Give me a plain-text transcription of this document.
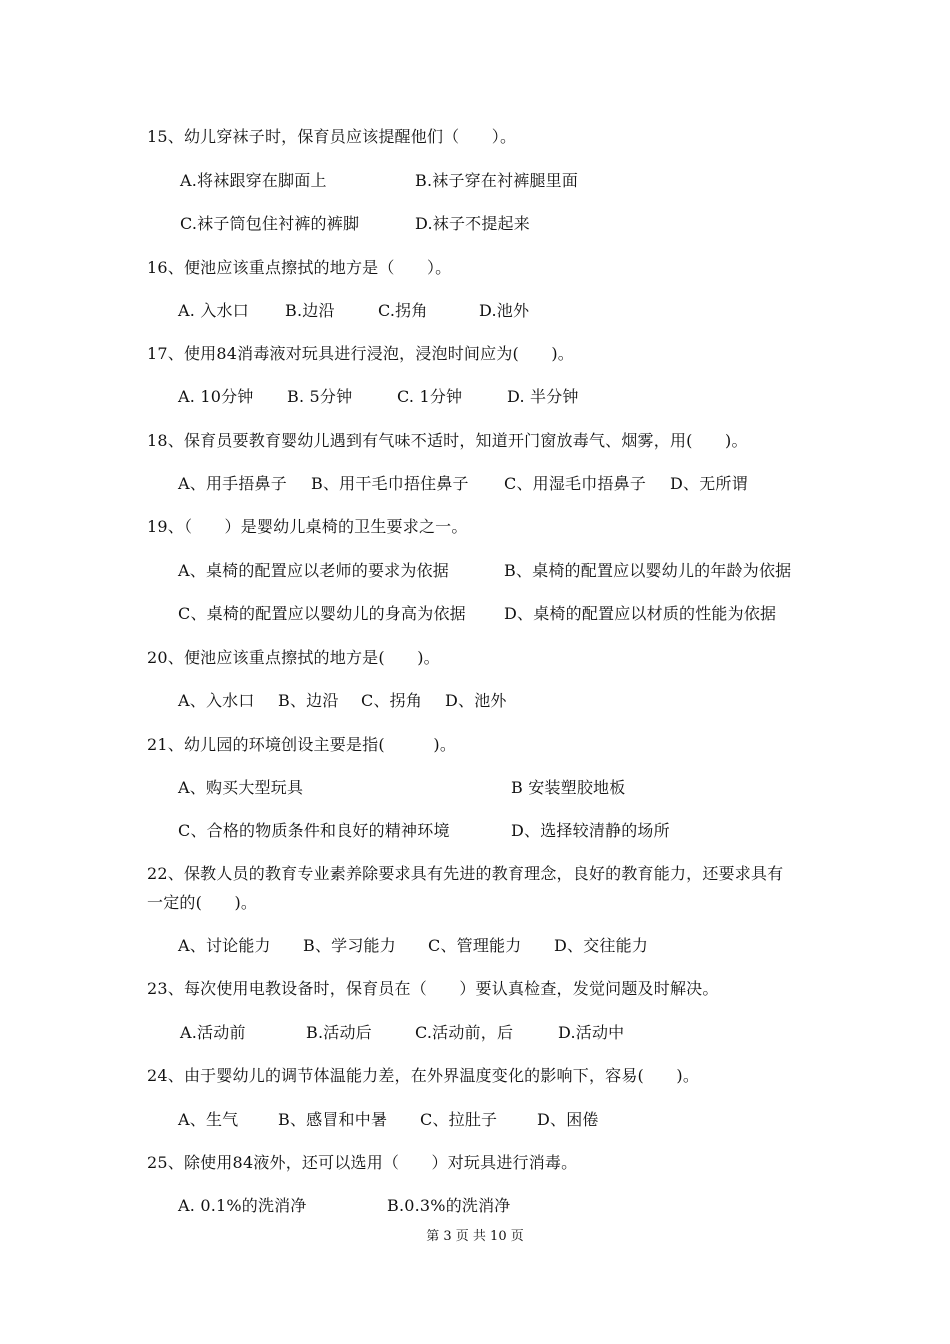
15、幼儿穿袜子时，保育员应该提醒他们（　　）。
A.将袜跟穿在脚面上	B.袜子穿在衬裤腿里面
C.袜子筒包住衬裤的裤脚	D.袜子不提起来
16、便池应该重点擦拭的地方是（　　）。
A. 入水口 B.边沿	C.拐角	D.池外
17、使用84消毒液对玩具进行浸泡，浸泡时间应为(　　)。
A. 10分钟 B. 5分钟	C. 1分钟	D. 半分钟
18、保育员要教育婴幼儿遇到有气味不适时，知道开门窗放毒气、烟雾，用(　　)。
A、用手捂鼻子 B、用干毛巾捂住鼻子 C、用湿毛巾捂鼻子 D、无所谓
19、（　　）是婴幼儿桌椅的卫生要求之一。
A、桌椅的配置应以老师的要求为依据	B、桌椅的配置应以婴幼儿的年龄为依据
C、桌椅的配置应以婴幼儿的身高为依据 D、桌椅的配置应以材质的性能为依据
20、便池应该重点擦拭的地方是(　　)。
A、入水口 B、边沿 C、拐角 D、池外
21、幼儿园的环境创设主要是指(　　　)。
A、购买大型玩具	B 安装塑胶地板
C、合格的物质条件和良好的精神环境	D、选择较清静的场所
22、保教人员的教育专业素养除要求具有先进的教育理念，良好的教育能力，还要求具有
一定的(　　)。
A、讨论能力 B、学习能力 C、管理能力 D、交往能力
23、每次使用电教设备时，保育员在（　　）要认真检查，发觉问题及时解决。
A.活动前	B.活动后	C.活动前，后	D.活动中
24、由于婴幼儿的调节体温能力差，在外界温度变化的影响下，容易(　　)。
A、生气 B、感冒和中暑 C、拉肚子 D、困倦
25、除使用84液外，还可以选用（　　）对玩具进行消毒。
A. 0.1%的洗消净	B.0.3%的洗消净
第 3 页 共 10 页
